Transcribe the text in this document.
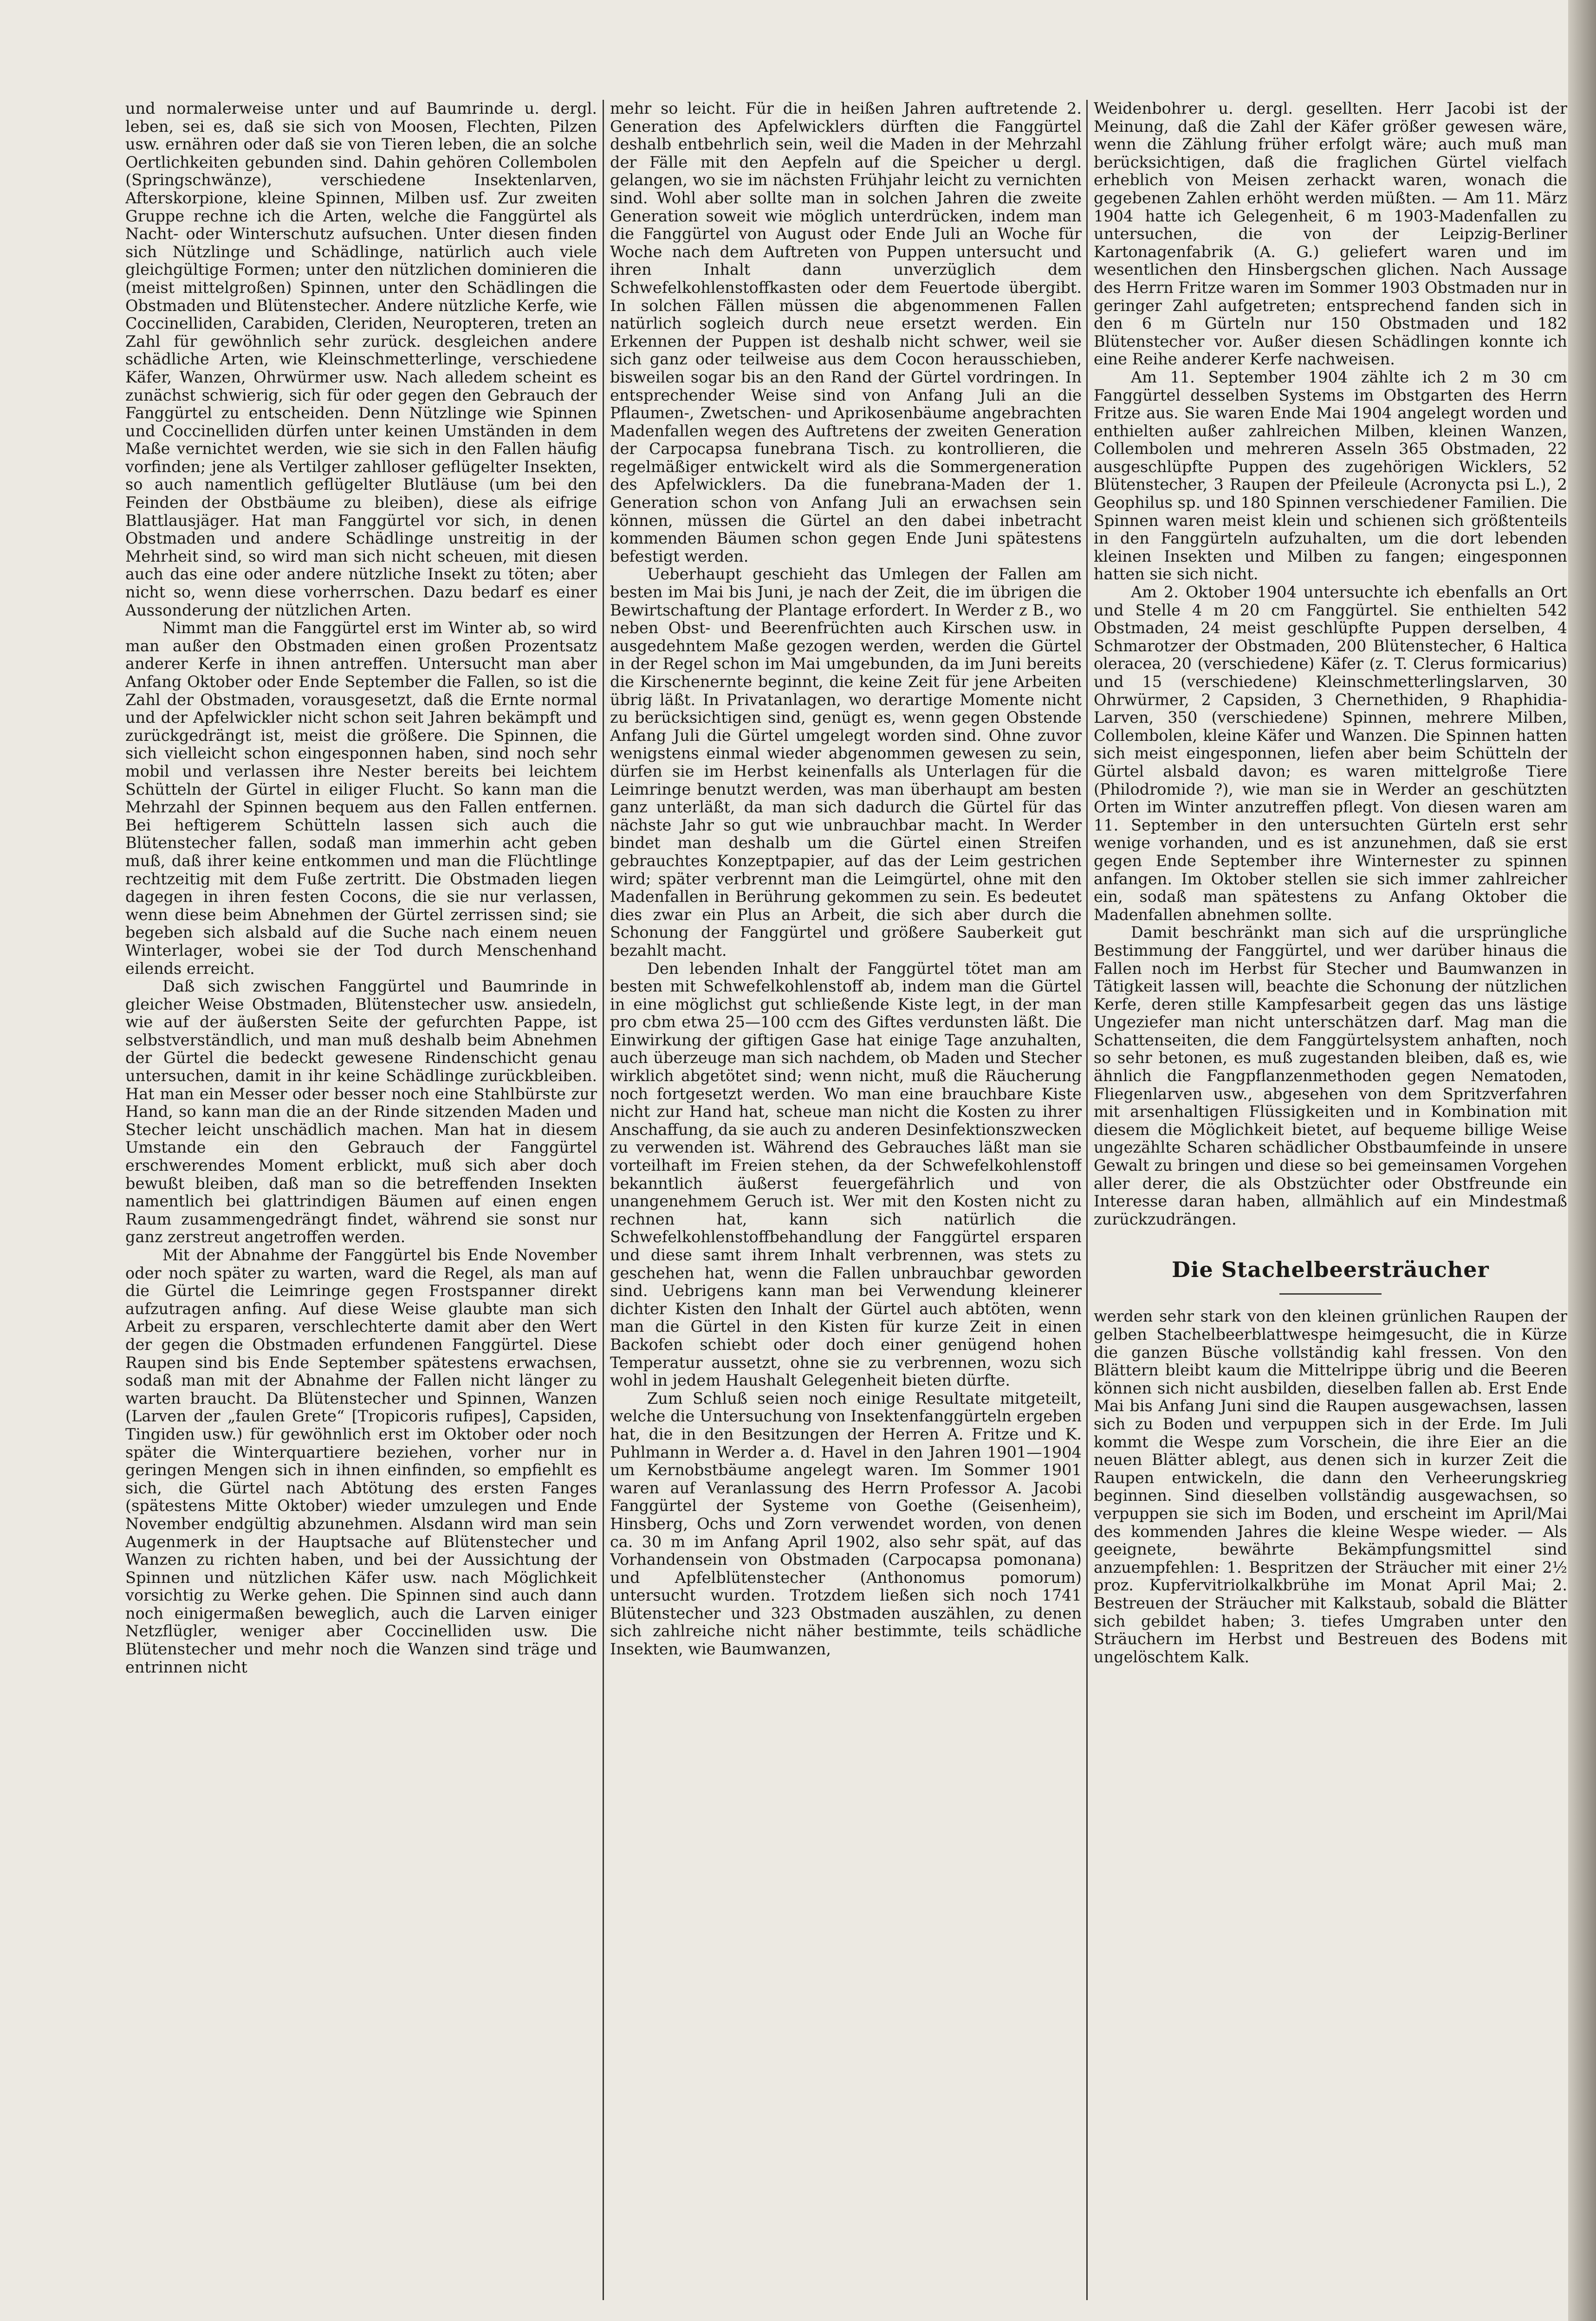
und normalerweise unter und auf Baumrinde u. dergl. leben, sei es, daß sie sich von Moosen, Flechten, Pilzen usw. ernähren oder daß sie von Tieren leben, die an solche Oertlichkeiten gebunden sind. Dahin gehören Collembolen (Springschwänze), verschiedene Insektenlarven, Afterskorpione, kleine Spinnen, Milben usf. Zur zweiten Gruppe rechne ich die Arten, welche die Fanggürtel als Nacht- oder Winterschutz aufsuchen. Unter diesen finden sich Nützlinge und Schädlinge, natürlich auch viele gleichgültige Formen; unter den nützlichen dominieren die (meist mittelgroßen) Spinnen, unter den Schädlingen die Obstmaden und Blütenstecher. Andere nützliche Kerfe, wie Coccinelliden, Carabiden, Cleriden, Neuropteren, treten an Zahl für gewöhnlich sehr zurück. desgleichen andere schädliche Arten, wie Kleinschmetterlinge, verschiedene Käfer, Wanzen, Ohrwürmer usw. Nach alledem scheint es zunächst schwierig, sich für oder gegen den Gebrauch der Fanggürtel zu entscheiden. Denn Nützlinge wie Spinnen und Coccinelliden dürfen unter keinen Umständen in dem Maße vernichtet werden, wie sie sich in den Fallen häufig vorfinden; jene als Vertilger zahlloser geflügelter Insekten, so auch namentlich geflügelter Blutläuse (um bei den Feinden der Obstbäume zu bleiben), diese als eifrige Blattlausjäger. Hat man Fanggürtel vor sich, in denen Obstmaden und andere Schädlinge unstreitig in der Mehrheit sind, so wird man sich nicht scheuen, mit diesen auch das eine oder andere nützliche Insekt zu töten; aber nicht so, wenn diese vorherrschen. Dazu bedarf es einer Aussonderung der nützlichen Arten.

Nimmt man die Fanggürtel erst im Winter ab, so wird man außer den Obstmaden einen großen Prozentsatz anderer Kerfe in ihnen antreffen. Untersucht man aber Anfang Oktober oder Ende September die Fallen, so ist die Zahl der Obstmaden, vorausgesetzt, daß die Ernte normal und der Apfelwickler nicht schon seit Jahren bekämpft und zurückgedrängt ist, meist die größere. Die Spinnen, die sich vielleicht schon eingesponnen haben, sind noch sehr mobil und verlassen ihre Nester bereits bei leichtem Schütteln der Gürtel in eiliger Flucht. So kann man die Mehrzahl der Spinnen bequem aus den Fallen entfernen. Bei heftigerem Schütteln lassen sich auch die Blütenstecher fallen, sodaß man immerhin acht geben muß, daß ihrer keine entkommen und man die Flüchtlinge rechtzeitig mit dem Fuße zertritt. Die Obstmaden liegen dagegen in ihren festen Cocons, die sie nur verlassen, wenn diese beim Abnehmen der Gürtel zerrissen sind; sie begeben sich alsbald auf die Suche nach einem neuen Winterlager, wobei sie der Tod durch Menschenhand eilends erreicht.

Daß sich zwischen Fanggürtel und Baumrinde in gleicher Weise Obstmaden, Blütenstecher usw. ansiedeln, wie auf der äußersten Seite der gefurchten Pappe, ist selbstverständlich, und man muß deshalb beim Abnehmen der Gürtel die bedeckt gewesene Rindenschicht genau untersuchen, damit in ihr keine Schädlinge zurückbleiben. Hat man ein Messer oder besser noch eine Stahlbürste zur Hand, so kann man die an der Rinde sitzenden Maden und Stecher leicht unschädlich machen. Man hat in diesem Umstande ein den Gebrauch der Fanggürtel erschwerendes Moment erblickt, muß sich aber doch bewußt bleiben, daß man so die betreffenden Insekten namentlich bei glattrindigen Bäumen auf einen engen Raum zusammengedrängt findet, während sie sonst nur ganz zerstreut angetroffen werden.

Mit der Abnahme der Fanggürtel bis Ende November oder noch später zu warten, ward die Regel, als man auf die Gürtel die Leimringe gegen Frostspanner direkt aufzutragen anfing. Auf diese Weise glaubte man sich Arbeit zu ersparen, verschlechterte damit aber den Wert der gegen die Obstmaden erfundenen Fanggürtel. Diese Raupen sind bis Ende September spätestens erwachsen, sodaß man mit der Abnahme der Fallen nicht länger zu warten braucht. Da Blütenstecher und Spinnen, Wanzen (Larven der „faulen Grete“ [Tropicoris rufipes], Capsiden, Tingiden usw.) für gewöhnlich erst im Oktober oder noch später die Winterquartiere beziehen, vorher nur in geringen Mengen sich in ihnen einfinden, so empfiehlt es sich, die Gürtel nach Abtötung des ersten Fanges (spätestens Mitte Oktober) wieder umzulegen und Ende November endgültig abzunehmen. Alsdann wird man sein Augenmerk in der Hauptsache auf Blütenstecher und Wanzen zu richten haben, und bei der Aussichtung der Spinnen und nützlichen Käfer usw. nach Möglichkeit vorsichtig zu Werke gehen. Die Spinnen sind auch dann noch einigermaßen beweglich, auch die Larven einiger Netzflügler, weniger aber Coccinelliden usw. Die Blütenstecher und mehr noch die Wanzen sind träge und entrinnen nicht

mehr so leicht. Für die in heißen Jahren auftretende 2. Generation des Apfelwicklers dürften die Fanggürtel deshalb entbehrlich sein, weil die Maden in der Mehrzahl der Fälle mit den Aepfeln auf die Speicher u dergl. gelangen, wo sie im nächsten Frühjahr leicht zu vernichten sind. Wohl aber sollte man in solchen Jahren die zweite Generation soweit wie möglich unterdrücken, indem man die Fanggürtel von August oder Ende Juli an Woche für Woche nach dem Auftreten von Puppen untersucht und ihren Inhalt dann unverzüglich dem Schwefelkohlenstoffkasten oder dem Feuertode übergibt. In solchen Fällen müssen die abgenommenen Fallen natürlich sogleich durch neue ersetzt werden. Ein Erkennen der Puppen ist deshalb nicht schwer, weil sie sich ganz oder teilweise aus dem Cocon herausschieben, bisweilen sogar bis an den Rand der Gürtel vordringen. In entsprechender Weise sind von Anfang Juli an die Pflaumen-, Zwetschen- und Aprikosenbäume angebrachten Madenfallen wegen des Auftretens der zweiten Generation der Carpocapsa funebrana Tisch. zu kontrollieren, die regelmäßiger entwickelt wird als die Sommergeneration des Apfelwicklers. Da die funebrana-Maden der 1. Generation schon von Anfang Juli an erwachsen sein können, müssen die Gürtel an den dabei inbetracht kommenden Bäumen schon gegen Ende Juni spätestens befestigt werden.

Ueberhaupt geschieht das Umlegen der Fallen am besten im Mai bis Juni, je nach der Zeit, die im übrigen die Bewirtschaftung der Plantage erfordert. In Werder z B., wo neben Obst- und Beerenfrüchten auch Kirschen usw. in ausgedehntem Maße gezogen werden, werden die Gürtel in der Regel schon im Mai umgebunden, da im Juni bereits die Kirschenernte beginnt, die keine Zeit für jene Arbeiten übrig läßt. In Privatanlagen, wo derartige Momente nicht zu berücksichtigen sind, genügt es, wenn gegen Obstende Anfang Juli die Gürtel umgelegt worden sind. Ohne zuvor wenigstens einmal wieder abgenommen gewesen zu sein, dürfen sie im Herbst keinenfalls als Unterlagen für die Leimringe benutzt werden, was man überhaupt am besten ganz unterläßt, da man sich dadurch die Gürtel für das nächste Jahr so gut wie unbrauchbar macht. In Werder bindet man deshalb um die Gürtel einen Streifen gebrauchtes Konzeptpapier, auf das der Leim gestrichen wird; später verbrennt man die Leimgürtel, ohne mit den Madenfallen in Berührung gekommen zu sein. Es bedeutet dies zwar ein Plus an Arbeit, die sich aber durch die Schonung der Fanggürtel und größere Sauberkeit gut bezahlt macht.

Den lebenden Inhalt der Fanggürtel tötet man am besten mit Schwefelkohlenstoff ab, indem man die Gürtel in eine möglichst gut schließende Kiste legt, in der man pro cbm etwa 25—100 ccm des Giftes verdunsten läßt. Die Einwirkung der giftigen Gase hat einige Tage anzuhalten, auch überzeuge man sich nachdem, ob Maden und Stecher wirklich abgetötet sind; wenn nicht, muß die Räucherung noch fortgesetzt werden. Wo man eine brauchbare Kiste nicht zur Hand hat, scheue man nicht die Kosten zu ihrer Anschaffung, da sie auch zu anderen Desinfektionszwecken zu verwenden ist. Während des Gebrauches läßt man sie vorteilhaft im Freien stehen, da der Schwefelkohlenstoff bekanntlich äußerst feuergefährlich und von unangenehmem Geruch ist. Wer mit den Kosten nicht zu rechnen hat, kann sich natürlich die Schwefelkohlenstoffbehandlung der Fanggürtel ersparen und diese samt ihrem Inhalt verbrennen, was stets zu geschehen hat, wenn die Fallen unbrauchbar geworden sind. Uebrigens kann man bei Verwendung kleinerer dichter Kisten den Inhalt der Gürtel auch abtöten, wenn man die Gürtel in den Kisten für kurze Zeit in einen Backofen schiebt oder doch einer genügend hohen Temperatur aussetzt, ohne sie zu verbrennen, wozu sich wohl in jedem Haushalt Gelegenheit bieten dürfte.

Zum Schluß seien noch einige Resultate mitgeteilt, welche die Untersuchung von Insektenfanggürteln ergeben hat, die in den Besitzungen der Herren A. Fritze und K. Puhlmann in Werder a. d. Havel in den Jahren 1901—1904 um Kernobstbäume angelegt waren. Im Sommer 1901 waren auf Veranlassung des Herrn Professor A. Jacobi Fanggürtel der Systeme von Goethe (Geisenheim), Hinsberg, Ochs und Zorn verwendet worden, von denen ca. 30 m im Anfang April 1902, also sehr spät, auf das Vorhandensein von Obstmaden (Carpocapsa pomonana) und Apfelblütenstecher (Anthonomus pomorum) untersucht wurden. Trotzdem ließen sich noch 1741 Blütenstecher und 323 Obstmaden auszählen, zu denen sich zahlreiche nicht näher bestimmte, teils schädliche Insekten, wie Baumwanzen,

Weidenbohrer u. dergl. gesellten. Herr Jacobi ist der Meinung, daß die Zahl der Käfer größer gewesen wäre, wenn die Zählung früher erfolgt wäre; auch muß man berücksichtigen, daß die fraglichen Gürtel vielfach erheblich von Meisen zerhackt waren, wonach die gegebenen Zahlen erhöht werden müßten. — Am 11. März 1904 hatte ich Gelegenheit, 6 m 1903-Madenfallen zu untersuchen, die von der Leipzig-Berliner Kartonagenfabrik (A. G.) geliefert waren und im wesentlichen den Hinsbergschen glichen. Nach Aussage des Herrn Fritze waren im Sommer 1903 Obstmaden nur in geringer Zahl aufgetreten; entsprechend fanden sich in den 6 m Gürteln nur 150 Obstmaden und 182 Blütenstecher vor. Außer diesen Schädlingen konnte ich eine Reihe anderer Kerfe nachweisen.

Am 11. September 1904 zählte ich 2 m 30 cm Fanggürtel desselben Systems im Obstgarten des Herrn Fritze aus. Sie waren Ende Mai 1904 angelegt worden und enthielten außer zahlreichen Milben, kleinen Wanzen, Collembolen und mehreren Asseln 365 Obstmaden, 22 ausgeschlüpfte Puppen des zugehörigen Wicklers, 52 Blütenstecher, 3 Raupen der Pfeileule (Acronycta psi L.), 2 Geophilus sp. und 180 Spinnen verschiedener Familien. Die Spinnen waren meist klein und schienen sich größtenteils in den Fanggürteln aufzuhalten, um die dort lebenden kleinen Insekten und Milben zu fangen; eingesponnen hatten sie sich nicht.

Am 2. Oktober 1904 untersuchte ich ebenfalls an Ort und Stelle 4 m 20 cm Fanggürtel. Sie enthielten 542 Obstmaden, 24 meist geschlüpfte Puppen derselben, 4 Schmarotzer der Obstmaden, 200 Blütenstecher, 6 Haltica oleracea, 20 (verschiedene) Käfer (z. T. Clerus formicarius) und 15 (verschiedene) Kleinschmetterlingslarven, 30 Ohrwürmer, 2 Capsiden, 3 Chernethiden, 9 Rhaphidia-Larven, 350 (verschiedene) Spinnen, mehrere Milben, Collembolen, kleine Käfer und Wanzen. Die Spinnen hatten sich meist eingesponnen, liefen aber beim Schütteln der Gürtel alsbald davon; es waren mittelgroße Tiere (Philodromide ?), wie man sie in Werder an geschützten Orten im Winter anzutreffen pflegt. Von diesen waren am 11. September in den untersuchten Gürteln erst sehr wenige vorhanden, und es ist anzunehmen, daß sie erst gegen Ende September ihre Winternester zu spinnen anfangen. Im Oktober stellen sie sich immer zahlreicher ein, sodaß man spätestens zu Anfang Oktober die Madenfallen abnehmen sollte.

Damit beschränkt man sich auf die ursprüngliche Bestimmung der Fanggürtel, und wer darüber hinaus die Fallen noch im Herbst für Stecher und Baumwanzen in Tätigkeit lassen will, beachte die Schonung der nützlichen Kerfe, deren stille Kampfesarbeit gegen das uns lästige Ungeziefer man nicht unterschätzen darf. Mag man die Schattenseiten, die dem Fanggürtelsystem anhaften, noch so sehr betonen, es muß zugestanden bleiben, daß es, wie ähnlich die Fangpflanzenmethoden gegen Nematoden, Fliegenlarven usw., abgesehen von dem Spritzverfahren mit arsenhaltigen Flüssigkeiten und in Kombination mit diesem die Möglichkeit bietet, auf bequeme billige Weise ungezählte Scharen schädlicher Obstbaumfeinde in unsere Gewalt zu bringen und diese so bei gemeinsamen Vorgehen aller derer, die als Obstzüchter oder Obstfreunde ein Interesse daran haben, allmählich auf ein Mindestmaß zurückzudrängen.

Die Stachelbeersträucher

werden sehr stark von den kleinen grünlichen Raupen der gelben Stachelbeerblattwespe heimgesucht, die in Kürze die ganzen Büsche vollständig kahl fressen. Von den Blättern bleibt kaum die Mittelrippe übrig und die Beeren können sich nicht ausbilden, dieselben fallen ab. Erst Ende Mai bis Anfang Juni sind die Raupen ausgewachsen, lassen sich zu Boden und verpuppen sich in der Erde. Im Juli kommt die Wespe zum Vorschein, die ihre Eier an die neuen Blätter ablegt, aus denen sich in kurzer Zeit die Raupen entwickeln, die dann den Verheerungskrieg beginnen. Sind dieselben vollständig ausgewachsen, so verpuppen sie sich im Boden, und erscheint im April/Mai des kommenden Jahres die kleine Wespe wieder. — Als geeignete, bewährte Bekämpfungsmittel sind anzuempfehlen: 1. Bespritzen der Sträucher mit einer 2½ proz. Kupfervitriolkalkbrühe im Monat April Mai; 2. Bestreuen der Sträucher mit Kalkstaub, sobald die Blätter sich gebildet haben; 3. tiefes Umgraben unter den Sträuchern im Herbst und Bestreuen des Bodens mit ungelöschtem Kalk.
